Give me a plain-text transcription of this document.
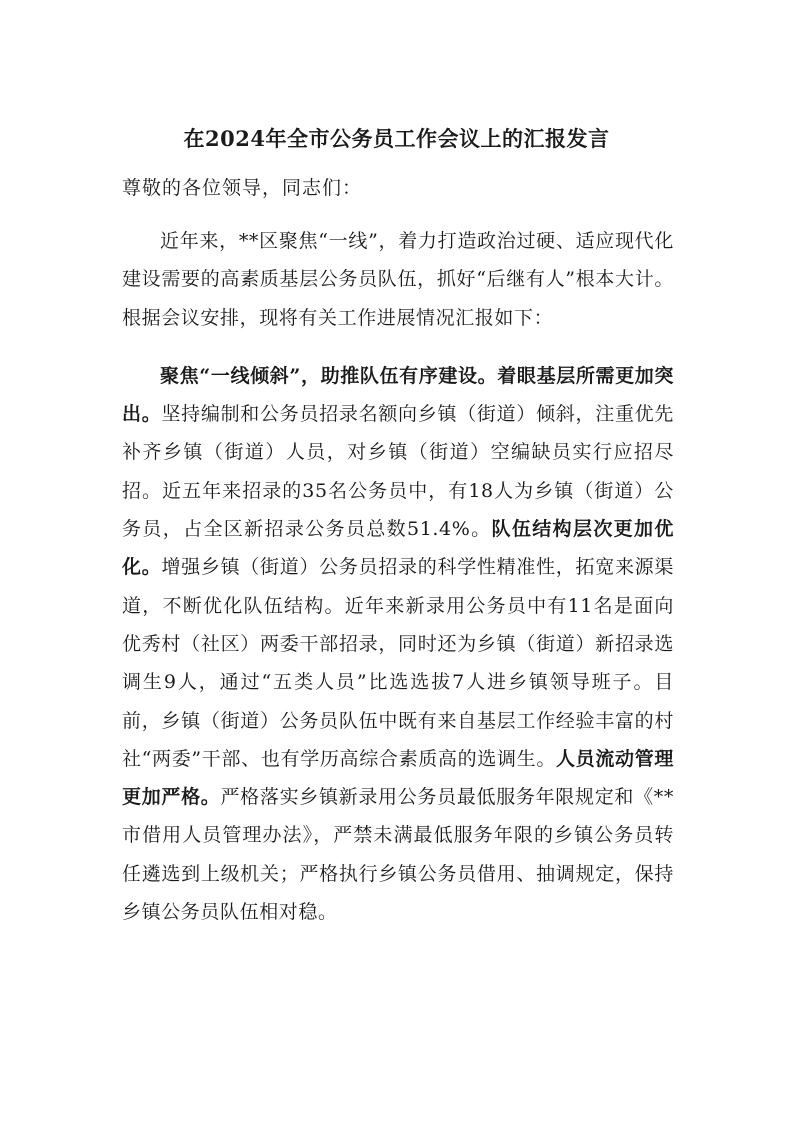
在2024年全市公务员工作会议上的汇报发言
尊敬的各位领导，同志们：

近年来，**区聚焦“一线”，着力打造政治过硬、适应现代化建设需要的高素质基层公务员队伍，抓好“后继有人”根本大计。根据会议安排，现将有关工作进展情况汇报如下：

聚焦“一线倾斜”，助推队伍有序建设。着眼基层所需更加突出。坚持编制和公务员招录名额向乡镇（街道）倾斜，注重优先补齐乡镇（街道）人员，对乡镇（街道）空编缺员实行应招尽招。近五年来招录的35名公务员中，有18人为乡镇（街道）公务员，占全区新招录公务员总数51.4%。队伍结构层次更加优化。增强乡镇（街道）公务员招录的科学性精准性，拓宽来源渠道，不断优化队伍结构。近年来新录用公务员中有11名是面向优秀村（社区）两委干部招录，同时还为乡镇（街道）新招录选调生9人，通过“五类人员”比选选拔7人进乡镇领导班子。目前，乡镇（街道）公务员队伍中既有来自基层工作经验丰富的村社“两委”干部、也有学历高综合素质高的选调生。人员流动管理更加严格。严格落实乡镇新录用公务员最低服务年限规定和《**市借用人员管理办法》，严禁未满最低服务年限的乡镇公务员转任遴选到上级机关；严格执行乡镇公务员借用、抽调规定，保持乡镇公务员队伍相对稳。
